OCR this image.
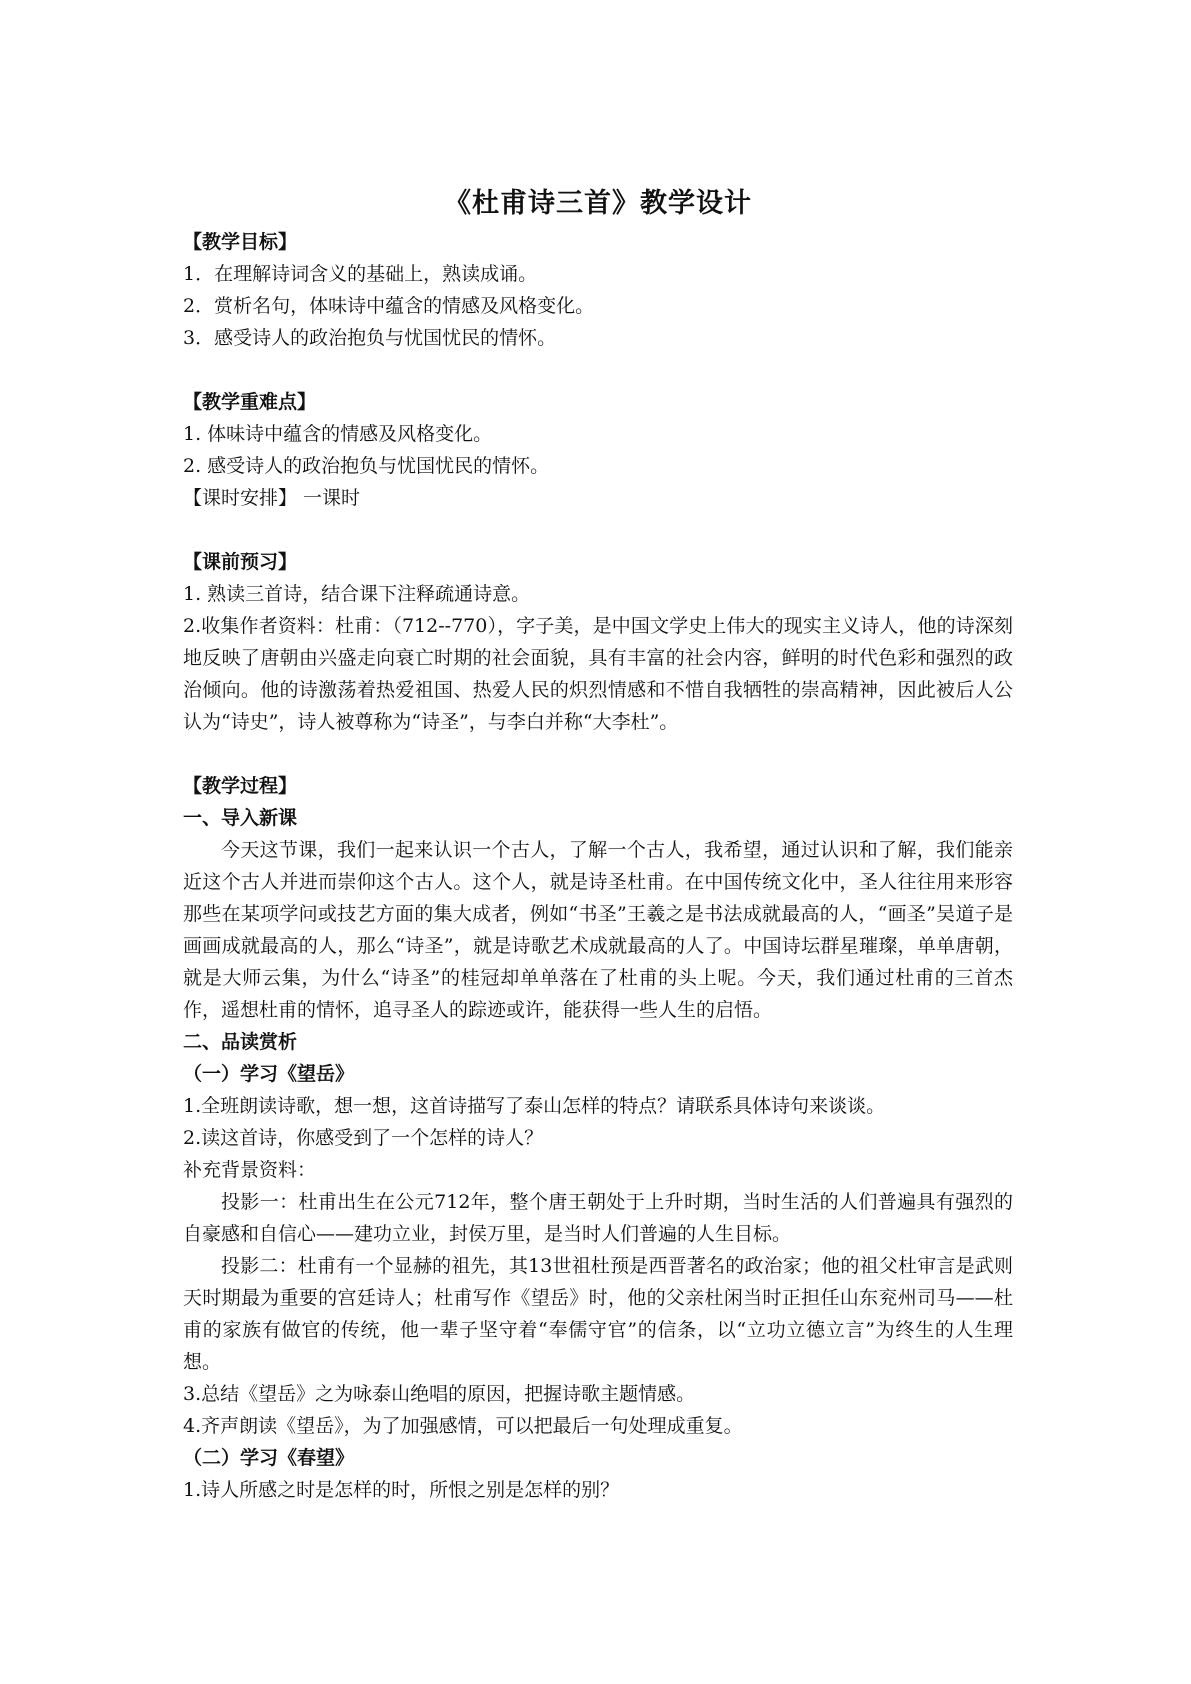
《杜甫诗三首》教学设计
【教学目标】
1．在理解诗词含义的基础上，熟读成诵。
2．赏析名句，体味诗中蕴含的情感及风格变化。
3．感受诗人的政治抱负与忧国忧民的情怀。
【教学重难点】
1. 体味诗中蕴含的情感及风格变化。
2. 感受诗人的政治抱负与忧国忧民的情怀。
【课时安排】 一课时
【课前预习】
1. 熟读三首诗，结合课下注释疏通诗意。
2.收集作者资料：杜甫：（712--770），字子美，是中国文学史上伟大的现实主义诗人，他的诗深刻地反映了唐朝由兴盛走向衰亡时期的社会面貌，具有丰富的社会内容，鲜明的时代色彩和强烈的政治倾向。他的诗激荡着热爱祖国、热爱人民的炽烈情感和不惜自我牺牲的崇高精神，因此被后人公认为“诗史”，诗人被尊称为“诗圣”，与李白并称“大李杜”。
【教学过程】
一、导入新课
今天这节课，我们一起来认识一个古人，了解一个古人，我希望，通过认识和了解，我们能亲近这个古人并进而崇仰这个古人。这个人，就是诗圣杜甫。在中国传统文化中，圣人往往用来形容那些在某项学问或技艺方面的集大成者，例如“书圣”王羲之是书法成就最高的人，“画圣”吴道子是画画成就最高的人，那么“诗圣”，就是诗歌艺术成就最高的人了。中国诗坛群星璀璨，单单唐朝，就是大师云集，为什么“诗圣”的桂冠却单单落在了杜甫的头上呢。今天，我们通过杜甫的三首杰作，遥想杜甫的情怀，追寻圣人的踪迹或许，能获得一些人生的启悟。
二、品读赏析
（一）学习《望岳》
1.全班朗读诗歌，想一想，这首诗描写了泰山怎样的特点？请联系具体诗句来谈谈。
2.读这首诗，你感受到了一个怎样的诗人？
补充背景资料：
投影一：杜甫出生在公元712年，整个唐王朝处于上升时期，当时生活的人们普遍具有强烈的自豪感和自信心——建功立业，封侯万里，是当时人们普遍的人生目标。
投影二：杜甫有一个显赫的祖先，其13世祖杜预是西晋著名的政治家；他的祖父杜审言是武则天时期最为重要的宫廷诗人；杜甫写作《望岳》时，他的父亲杜闲当时正担任山东兖州司马——杜甫的家族有做官的传统，他一辈子坚守着“奉儒守官”的信条，以“立功立德立言”为终生的人生理想。
3.总结《望岳》之为咏泰山绝唱的原因，把握诗歌主题情感。
4.齐声朗读《望岳》，为了加强感情，可以把最后一句处理成重复。
（二）学习《春望》
1.诗人所感之时是怎样的时，所恨之别是怎样的别？
